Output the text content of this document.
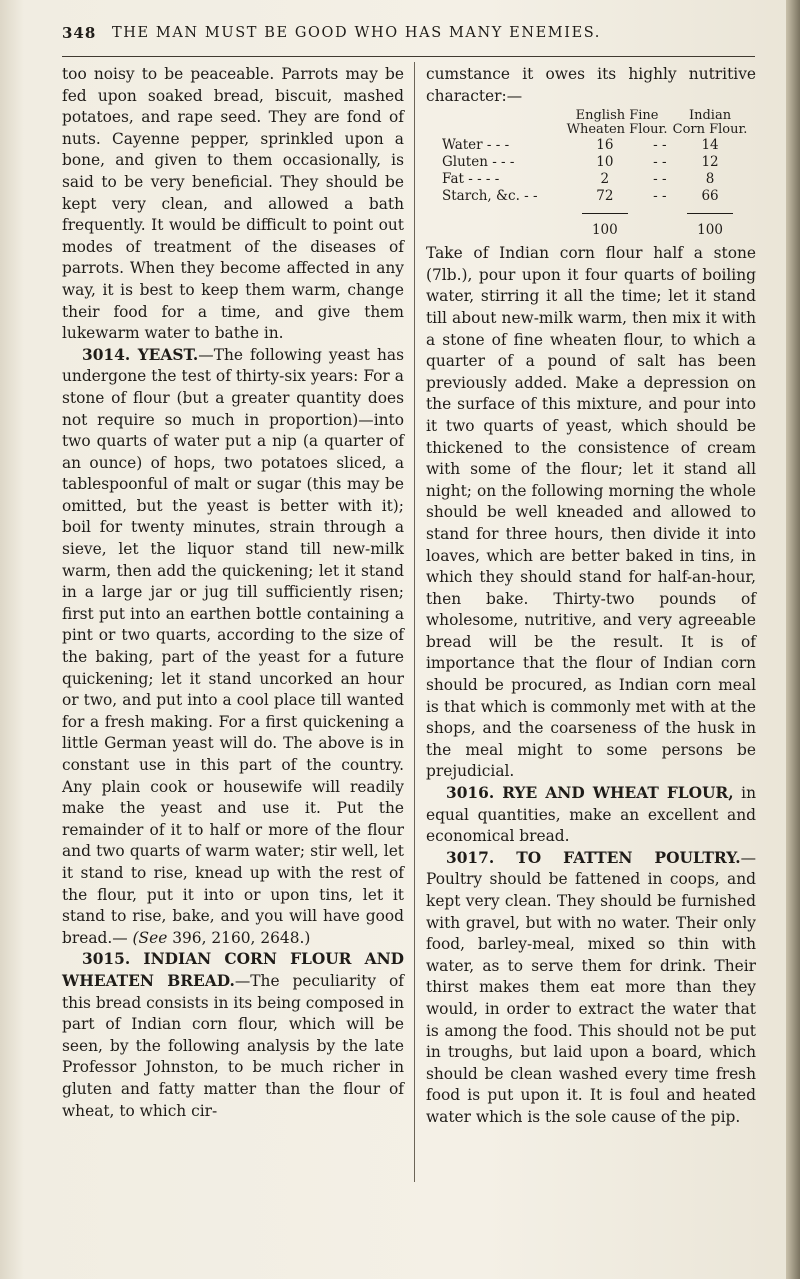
348 THE MAN MUST BE GOOD WHO HAS MANY ENEMIES.

too noisy to be peaceable. Parrots may be fed upon soaked bread, biscuit, mashed potatoes, and rape seed. They are fond of nuts. Cayenne pepper, sprinkled upon a bone, and given to them occasionally, is said to be very beneficial. They should be kept very clean, and allowed a bath frequently. It would be difficult to point out modes of treatment of the diseases of parrots. When they become affected in any way, it is best to keep them warm, change their food for a time, and give them lukewarm water to bathe in.

3014. YEAST.—The following yeast has undergone the test of thirty-six years: For a stone of flour (but a greater quantity does not require so much in proportion)—into two quarts of water put a nip (a quarter of an ounce) of hops, two potatoes sliced, a tablespoonful of malt or sugar (this may be omitted, but the yeast is better with it); boil for twenty minutes, strain through a sieve, let the liquor stand till new-milk warm, then add the quickening; let it stand in a large jar or jug till sufficiently risen; first put into an earthen bottle containing a pint or two quarts, according to the size of the baking, part of the yeast for a future quickening; let it stand uncorked an hour or two, and put into a cool place till wanted for a fresh making. For a first quickening a little German yeast will do. The above is in constant use in this part of the country. Any plain cook or housewife will readily make the yeast and use it. Put the remainder of it to half or more of the flour and two quarts of warm water; stir well, let it stand to rise, knead up with the rest of the flour, put it into or upon tins, let it stand to rise, bake, and you will have good bread.— (See 396, 2160, 2648.)

3015. INDIAN CORN FLOUR AND WHEATEN BREAD.—The peculiarity of this bread consists in its being composed in part of Indian corn flour, which will be seen, by the following analysis by the late Professor Johnston, to be much richer in gluten and fatty matter than the flour of wheat, to which cir-

cumstance it owes its highly nutritive character:—

	English Fine Wheaten Flour.		Indian Corn Flour.
Water - - -	16	- -	14
Gluten - - -	10	- -	12
Fat - - - -	2	- -	8
Starch, &c. - -	72	- -	66

	100		100

Take of Indian corn flour half a stone (7lb.), pour upon it four quarts of boiling water, stirring it all the time; let it stand till about new-milk warm, then mix it with a stone of fine wheaten flour, to which a quarter of a pound of salt has been previously added. Make a depression on the surface of this mixture, and pour into it two quarts of yeast, which should be thickened to the consistence of cream with some of the flour; let it stand all night; on the following morning the whole should be well kneaded and allowed to stand for three hours, then divide it into loaves, which are better baked in tins, in which they should stand for half-an-hour, then bake. Thirty-two pounds of wholesome, nutritive, and very agreeable bread will be the result. It is of importance that the flour of Indian corn should be procured, as Indian corn meal is that which is commonly met with at the shops, and the coarseness of the husk in the meal might to some persons be prejudicial.

3016. RYE AND WHEAT FLOUR, in equal quantities, make an excellent and economical bread.

3017. TO FATTEN POULTRY.—Poultry should be fattened in coops, and kept very clean. They should be furnished with gravel, but with no water. Their only food, barley-meal, mixed so thin with water, as to serve them for drink. Their thirst makes them eat more than they would, in order to extract the water that is among the food. This should not be put in troughs, but laid upon a board, which should be clean washed every time fresh food is put upon it. It is foul and heated water which is the sole cause of the pip.
